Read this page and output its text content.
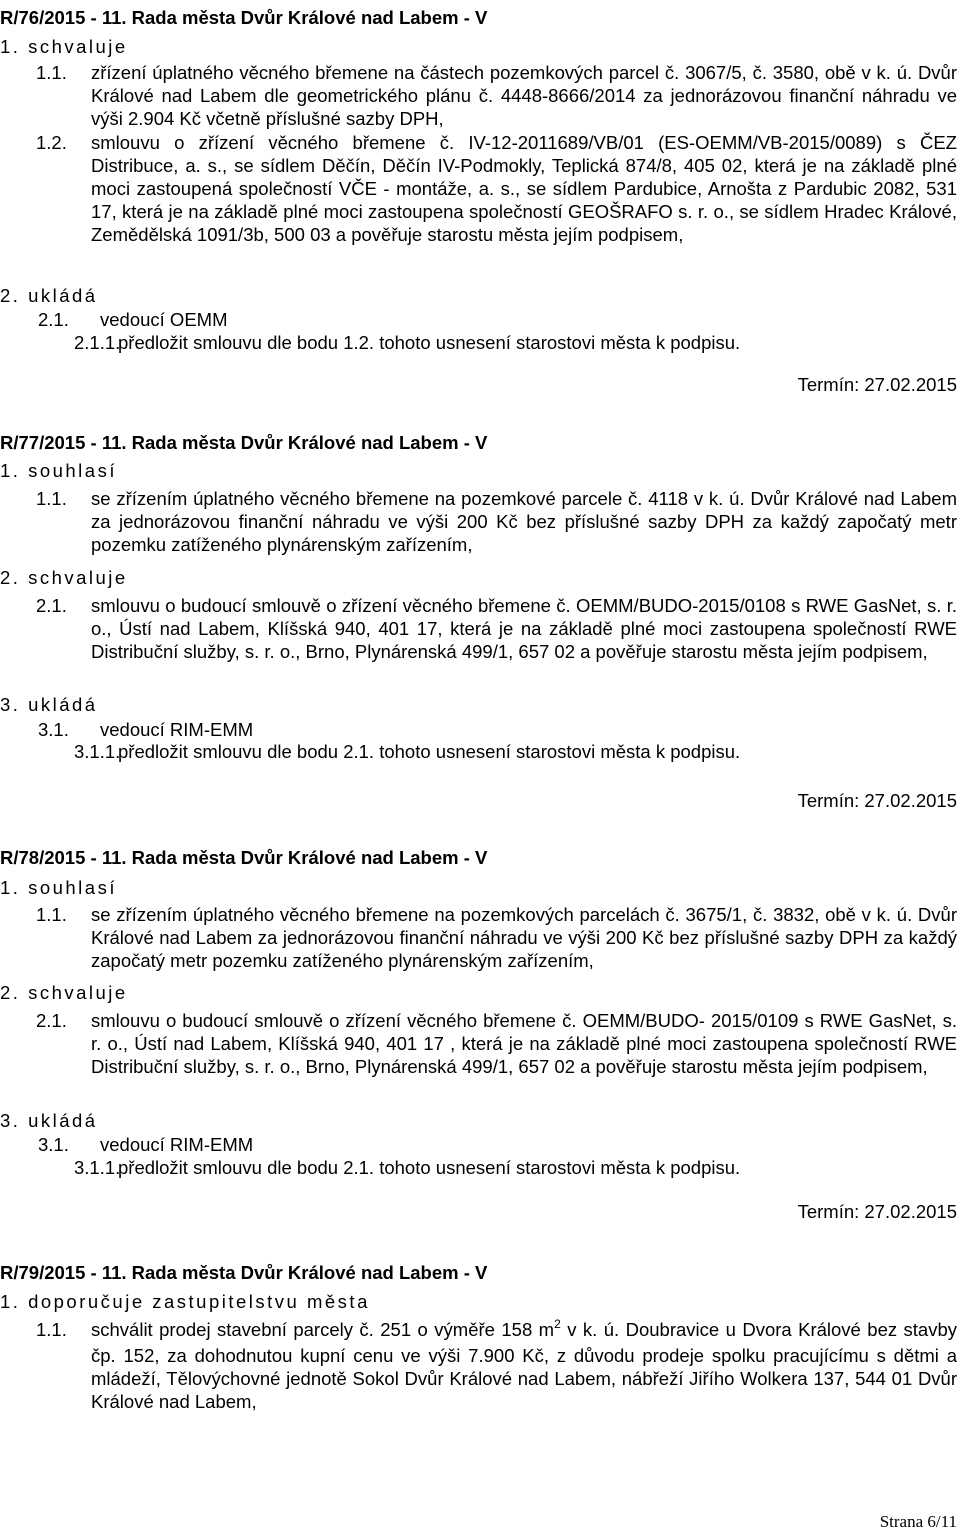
R/76/2015 - 11. Rada města Dvůr Králové nad Labem - V
1. schvaluje
1.1. zřízení úplatného věcného břemene na částech pozemkových parcel č. 3067/5, č. 3580, obě v k. ú. Dvůr Králové nad Labem dle geometrického plánu č. 4448-8666/2014 za jednorázovou finanční náhradu ve výši 2.904 Kč včetně příslušné sazby DPH,
1.2. smlouvu o zřízení věcného břemene č. IV-12-2011689/VB/01 (ES-OEMM/VB-2015/0089) s ČEZ Distribuce, a. s., se sídlem Děčín, Děčín IV-Podmokly, Teplická 874/8, 405 02, která je na základě plné moci zastoupená společností VČE - montáže, a. s., se sídlem Pardubice, Arnošta z Pardubic 2082, 531 17, která je na základě plné moci zastoupena společností GEOŠRAFO s. r. o., se sídlem Hradec Králové, Zemědělská 1091/3b, 500 03 a pověřuje starostu města jejím podpisem,
2. ukládá
2.1. vedoucí OEMM
2.1.1.
předložit smlouvu dle bodu 1.2. tohoto usnesení starostovi města k podpisu.
Termín: 27.02.2015
R/77/2015 - 11. Rada města Dvůr Králové nad Labem - V
1. souhlasí
1.1. se zřízením úplatného věcného břemene na pozemkové parcele č. 4118 v k. ú. Dvůr Králové nad Labem za jednorázovou finanční náhradu ve výši 200 Kč bez příslušné sazby DPH za každý započatý metr pozemku zatíženého plynárenským zařízením,
2. schvaluje
2.1. smlouvu o budoucí smlouvě o zřízení věcného břemene č. OEMM/BUDO-2015/0108 s RWE GasNet, s. r. o., Ústí nad Labem, Klíšská 940, 401 17, která je na základě plné moci zastoupena společností RWE Distribuční služby, s. r. o., Brno, Plynárenská 499/1, 657 02 a pověřuje starostu města jejím podpisem,
3. ukládá
3.1. vedoucí RIM-EMM
3.1.1.
předložit smlouvu dle bodu 2.1. tohoto usnesení starostovi města k podpisu.
Termín: 27.02.2015
R/78/2015 - 11. Rada města Dvůr Králové nad Labem - V
1. souhlasí
1.1. se zřízením úplatného věcného břemene na pozemkových parcelách č. 3675/1, č. 3832, obě v k. ú. Dvůr Králové nad Labem za jednorázovou finanční náhradu ve výši 200 Kč bez příslušné sazby DPH za každý započatý metr pozemku zatíženého plynárenským zařízením,
2. schvaluje
2.1. smlouvu o budoucí smlouvě o zřízení věcného břemene č. OEMM/BUDO- 2015/0109 s RWE GasNet, s. r. o., Ústí nad Labem, Klíšská 940, 401 17 , která je na základě plné moci zastoupena společností RWE Distribuční služby, s. r. o., Brno, Plynárenská 499/1, 657 02 a pověřuje starostu města jejím podpisem,
3. ukládá
3.1. vedoucí RIM-EMM
3.1.1.
předložit smlouvu dle bodu 2.1. tohoto usnesení starostovi města k podpisu.
Termín: 27.02.2015
R/79/2015 - 11. Rada města Dvůr Králové nad Labem - V
1. doporučuje zastupitelstvu města
1.1. schválit prodej stavební parcely č. 251 o výměře 158 $m^2$ v k. ú. Doubravice u Dvora Králové bez stavby čp. 152, za dohodnutou kupní cenu ve výši 7.900 Kč, z důvodu prodeje spolku pracujícímu s dětmi a mládeží, Tělovýchovné jednotě Sokol Dvůr Králové nad Labem, nábřeží Jiřího Wolkera 137, 544 01 Dvůr Králové nad Labem,
Strana 6/11
